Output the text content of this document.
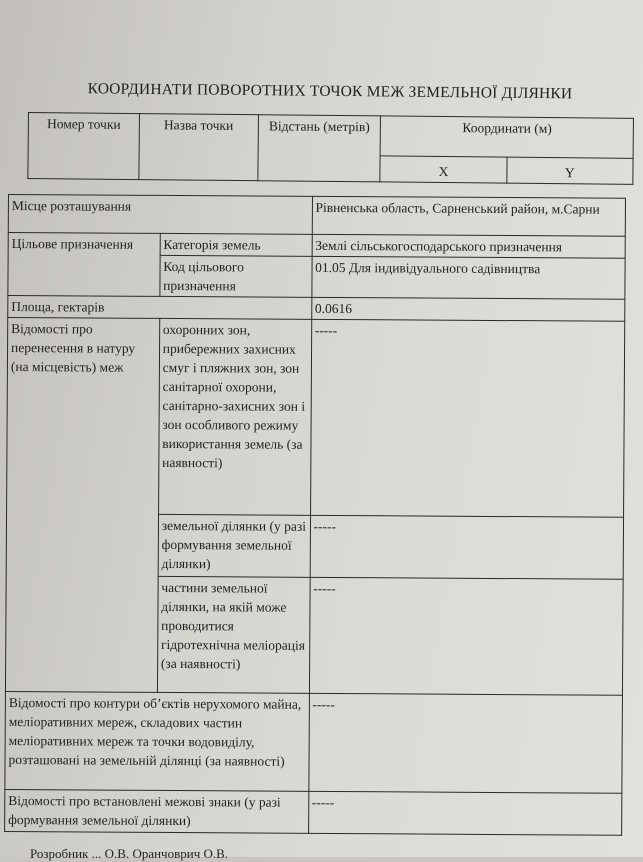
КООРДИНАТИ ПОВОРОТНИХ ТОЧОК МЕЖ ЗЕМЕЛЬНОЇ ДІЛЯНКИ
Номер точки	Назва точки	Відстань (метрів)	Координати (м)	
			X	Y
Місце розташування		Рівненська область, Сарненський район, м.Сарни
Цільове призначення	Категорія земель	Землі сільськогосподарського призначення
	Код цільового призначення	01.05 Для індивідуального садівництва
Площа, гектарів		0.0616
Відомості про перенесення в натуру (на місцевість) меж	охоронних зон, прибережних захисних смуг і пляжних зон, зон санітарної охорони, санітарно-захисних зон і зон особливого режиму використання земель (за наявності)	-----
	земельної ділянки (у разі формування земельної ділянки)	-----
	частини земельної ділянки, на якій може проводитися гідротехнічна меліорація (за наявності)	-----
Відомості про контури об’єктів нерухомого майна, меліоративних мереж, складових частин меліоративних мереж та точки водовиділу, розташовані на земельній ділянці (за наявності)		-----
Відомості про встановлені межові знаки (у разі формування земельної ділянки)		-----
Розробник ... О.В. Оранчоврич О.В.
